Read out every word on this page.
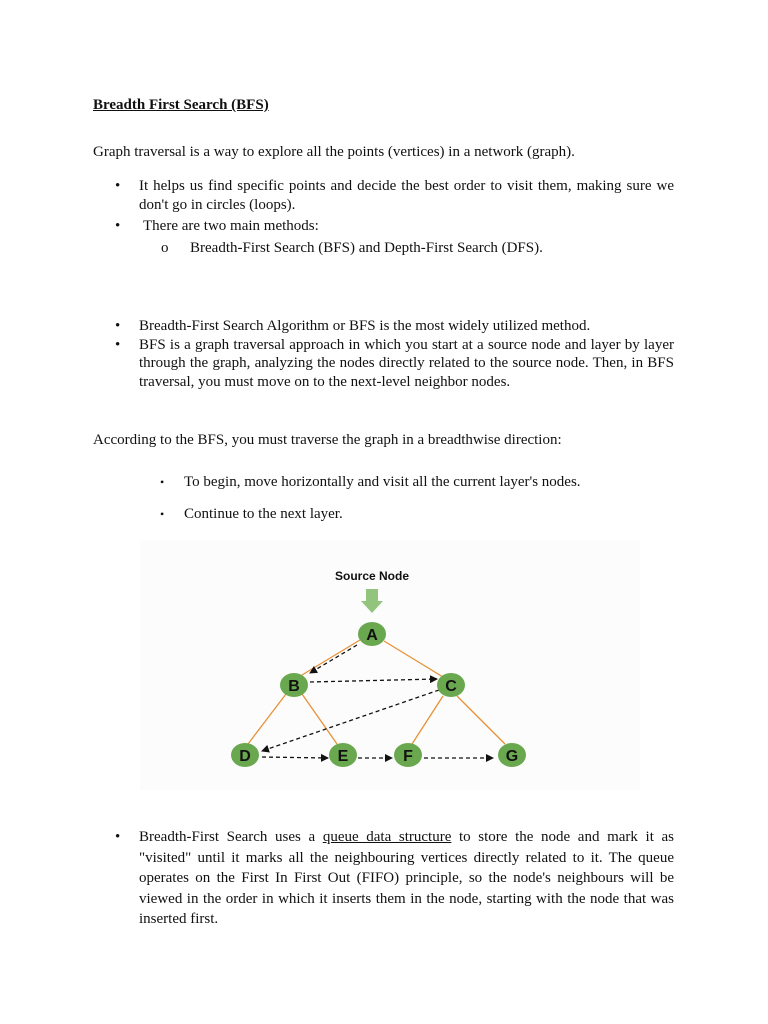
Breadth First Search (BFS)

Graph traversal is a way to explore all the points (vertices) in a network (graph).

• It helps us find specific points and decide the best order to visit them, making sure we don't go in circles (loops).
• There are two main methods:
o Breadth-First Search (BFS) and Depth-First Search (DFS).
• Breadth-First Search Algorithm or BFS is the most widely utilized method.
• BFS is a graph traversal approach in which you start at a source node and layer by layer through the graph, analyzing the nodes directly related to the source node. Then, in BFS traversal, you must move on to the next-level neighbor nodes.

According to the BFS, you must traverse the graph in a breadthwise direction:

• To begin, move horizontally and visit all the current layer's nodes.
• Continue to the next layer.
Source Node
A
B	C
D	E	F	G
• Breadth-First Search uses a queue data structure to store the node and mark it as "visited" until it marks all the neighbouring vertices directly related to it. The queue operates on the First In First Out (FIFO) principle, so the node's neighbours will be viewed in the order in which it inserts them in the node, starting with the node that was inserted first.
